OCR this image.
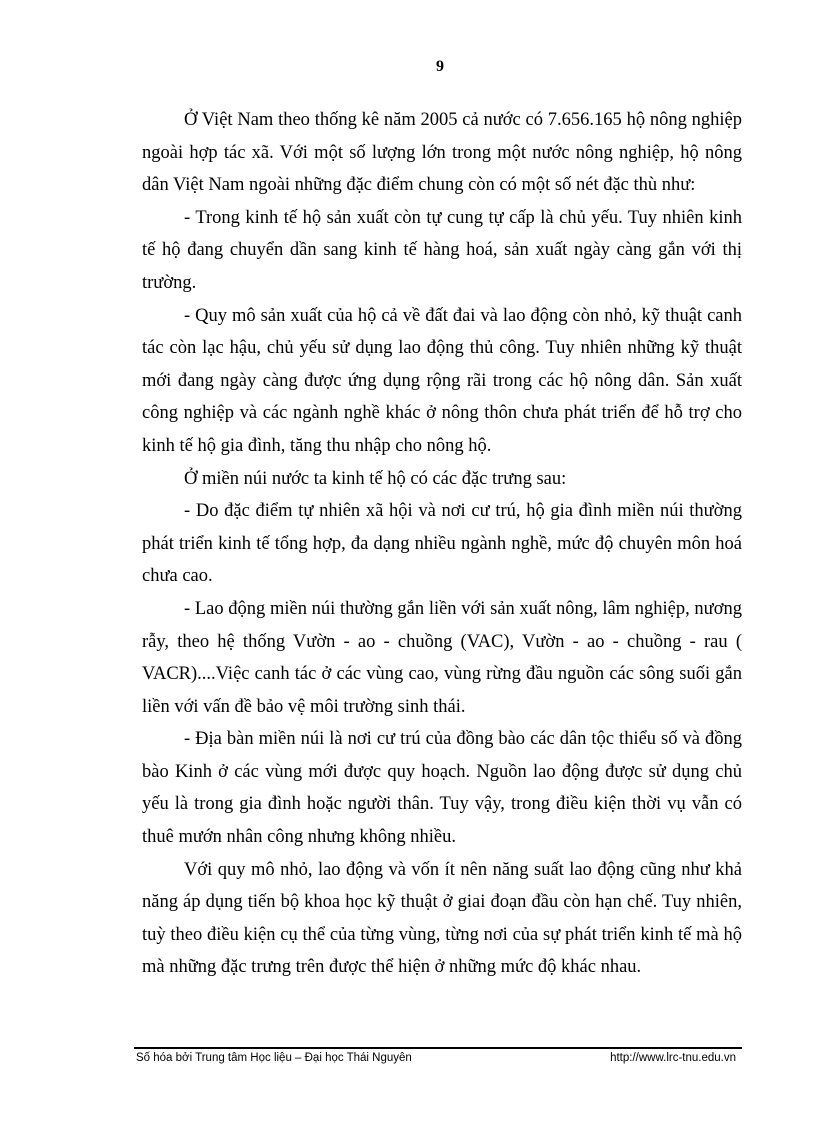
9

Ở Việt Nam theo thống kê năm 2005 cả nước có 7.656.165 hộ nông nghiệp ngoài hợp tác xã. Với một số lượng lớn trong một nước nông nghiệp, hộ nông dân Việt Nam ngoài những đặc điểm chung còn có một số nét đặc thù như:

- Trong kinh tế hộ sản xuất còn tự cung tự cấp là chủ yếu. Tuy nhiên kinh tế hộ đang chuyển dần sang kinh tế hàng hoá, sản xuất ngày càng gắn với thị trường.

- Quy mô sản xuất của hộ cả về đất đai và lao động còn nhỏ, kỹ thuật canh tác còn lạc hậu, chủ yếu sử dụng lao động thủ công. Tuy nhiên những kỹ thuật mới đang ngày càng được ứng dụng rộng rãi trong các hộ nông dân. Sản xuất công nghiệp và các ngành nghề khác ở nông thôn chưa phát triển để hỗ trợ cho kinh tế hộ gia đình, tăng thu nhập cho nông hộ.

Ở miền núi nước ta kinh tế hộ có các đặc trưng sau:

- Do đặc điểm tự nhiên xã hội và nơi cư trú, hộ gia đình miền núi thường phát triển kinh tế tổng hợp, đa dạng nhiều ngành nghề, mức độ chuyên môn hoá chưa cao.

- Lao động miền núi thường gắn liền với sản xuất nông, lâm nghiệp, nương rẫy, theo hệ thống Vườn - ao - chuồng (VAC), Vườn - ao - chuồng - rau ( VACR)....Việc canh tác ở các vùng cao, vùng rừng đầu nguồn các sông suối gắn liền với vấn đề bảo vệ môi trường sinh thái.

- Địa bàn miền núi là nơi cư trú của đồng bào các dân tộc thiểu số và đồng bào Kinh ở các vùng mới được quy hoạch. Nguồn lao động được sử dụng chủ yếu là trong gia đình hoặc người thân. Tuy vậy, trong điều kiện thời vụ vẫn có thuê mướn nhân công nhưng không nhiều.

Với quy mô nhỏ, lao động và vốn ít nên năng suất lao động cũng như khả năng áp dụng tiến bộ khoa học kỹ thuật ở giai đoạn đầu còn hạn chế. Tuy nhiên, tuỳ theo điều kiện cụ thể của từng vùng, từng nơi của sự phát triển kinh tế mà hộ mà những đặc trưng trên được thể hiện ở những mức độ khác nhau.

Số hóa bởi Trung tâm Học liệu – Đại học Thái Nguyên	http://www.lrc-tnu.edu.vn
